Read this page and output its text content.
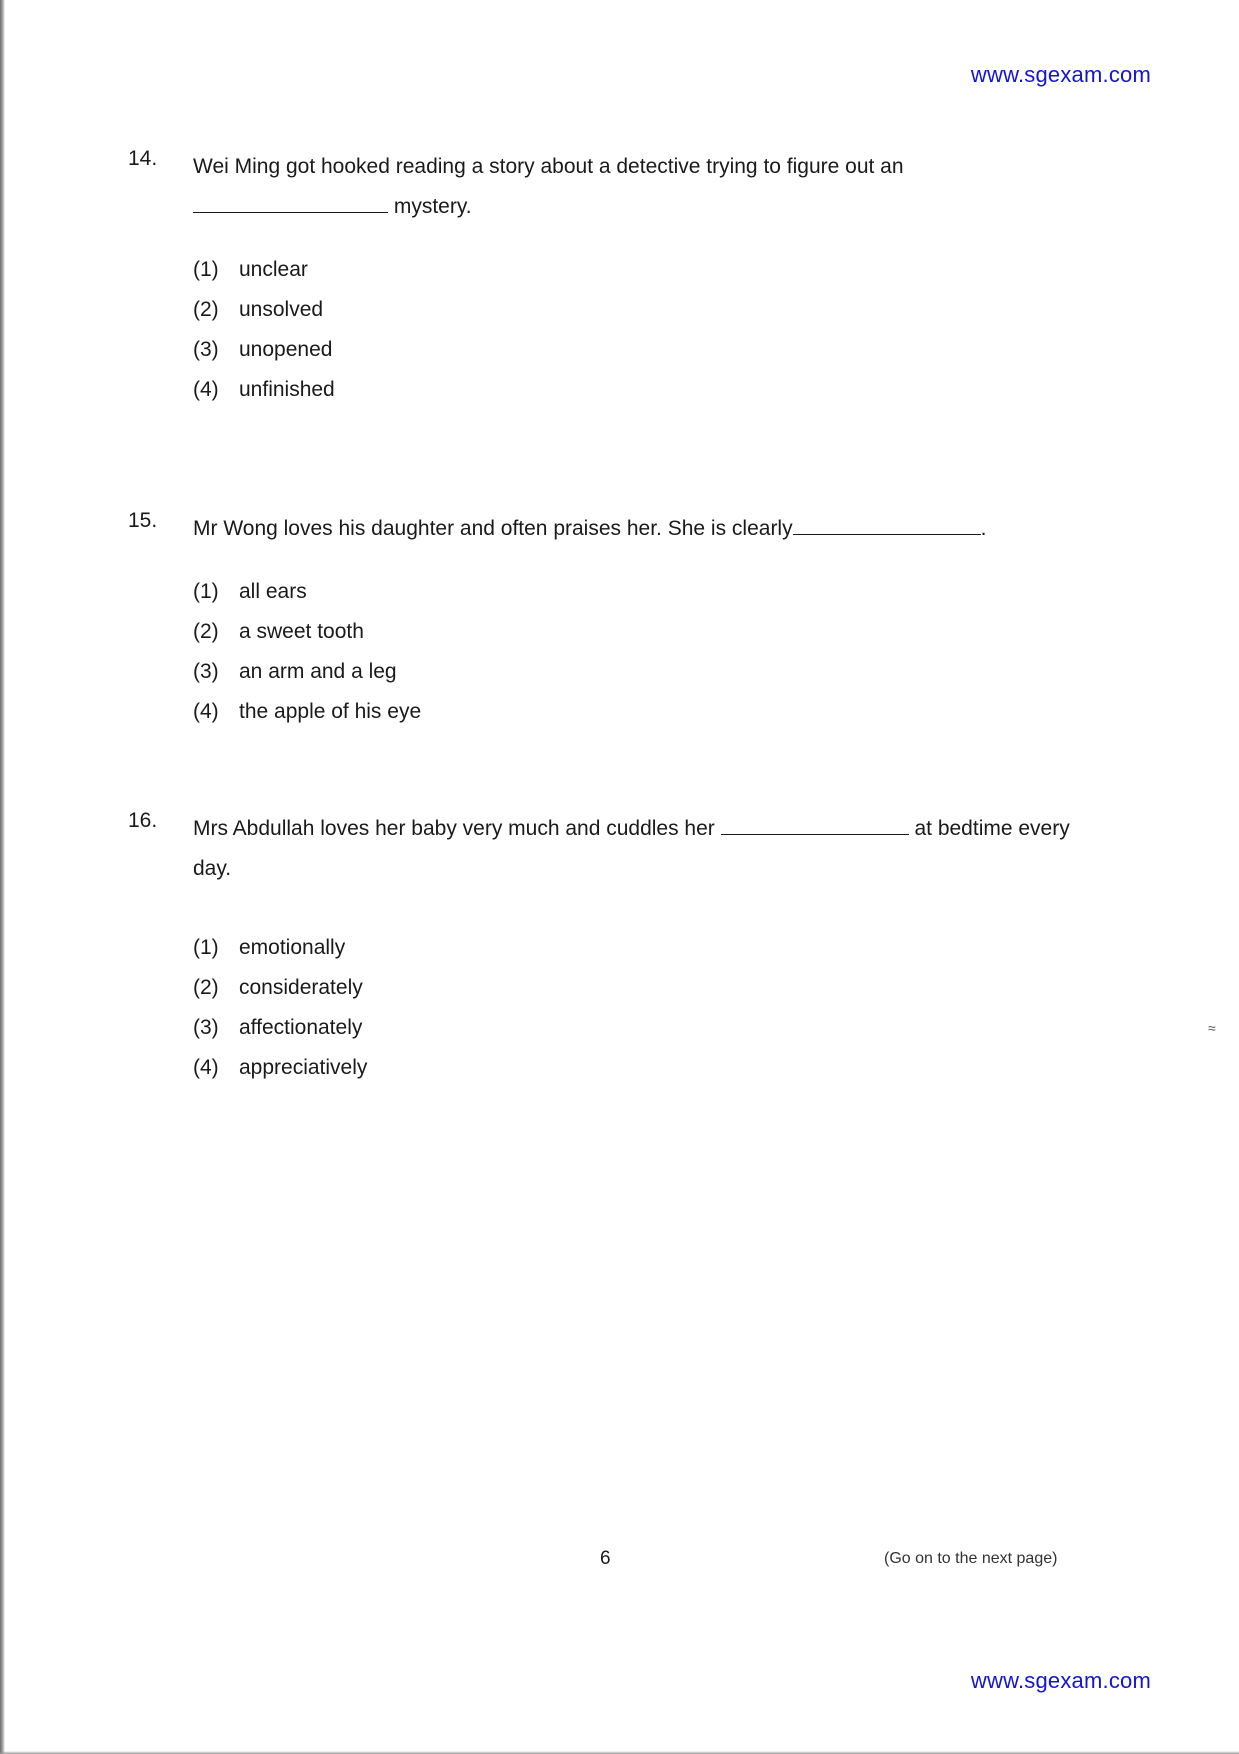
www.sgexam.com
14. Wei Ming got hooked reading a story about a detective trying to figure out an
mystery.
(1) unclear
(2) unsolved
(3) unopened
(4) unfinished
15. Mr Wong loves his daughter and often praises her. She is clearly	.
(1) all ears
(2) a sweet tooth
(3) an arm and a leg
(4) the apple of his eye
16. Mrs Abdullah loves her baby very much and cuddles her	at bedtime every day.
(1) emotionally
(2) considerately
(3) affectionately
(4) appreciatively
≈
6	(Go on to the next page)
www.sgexam.com
